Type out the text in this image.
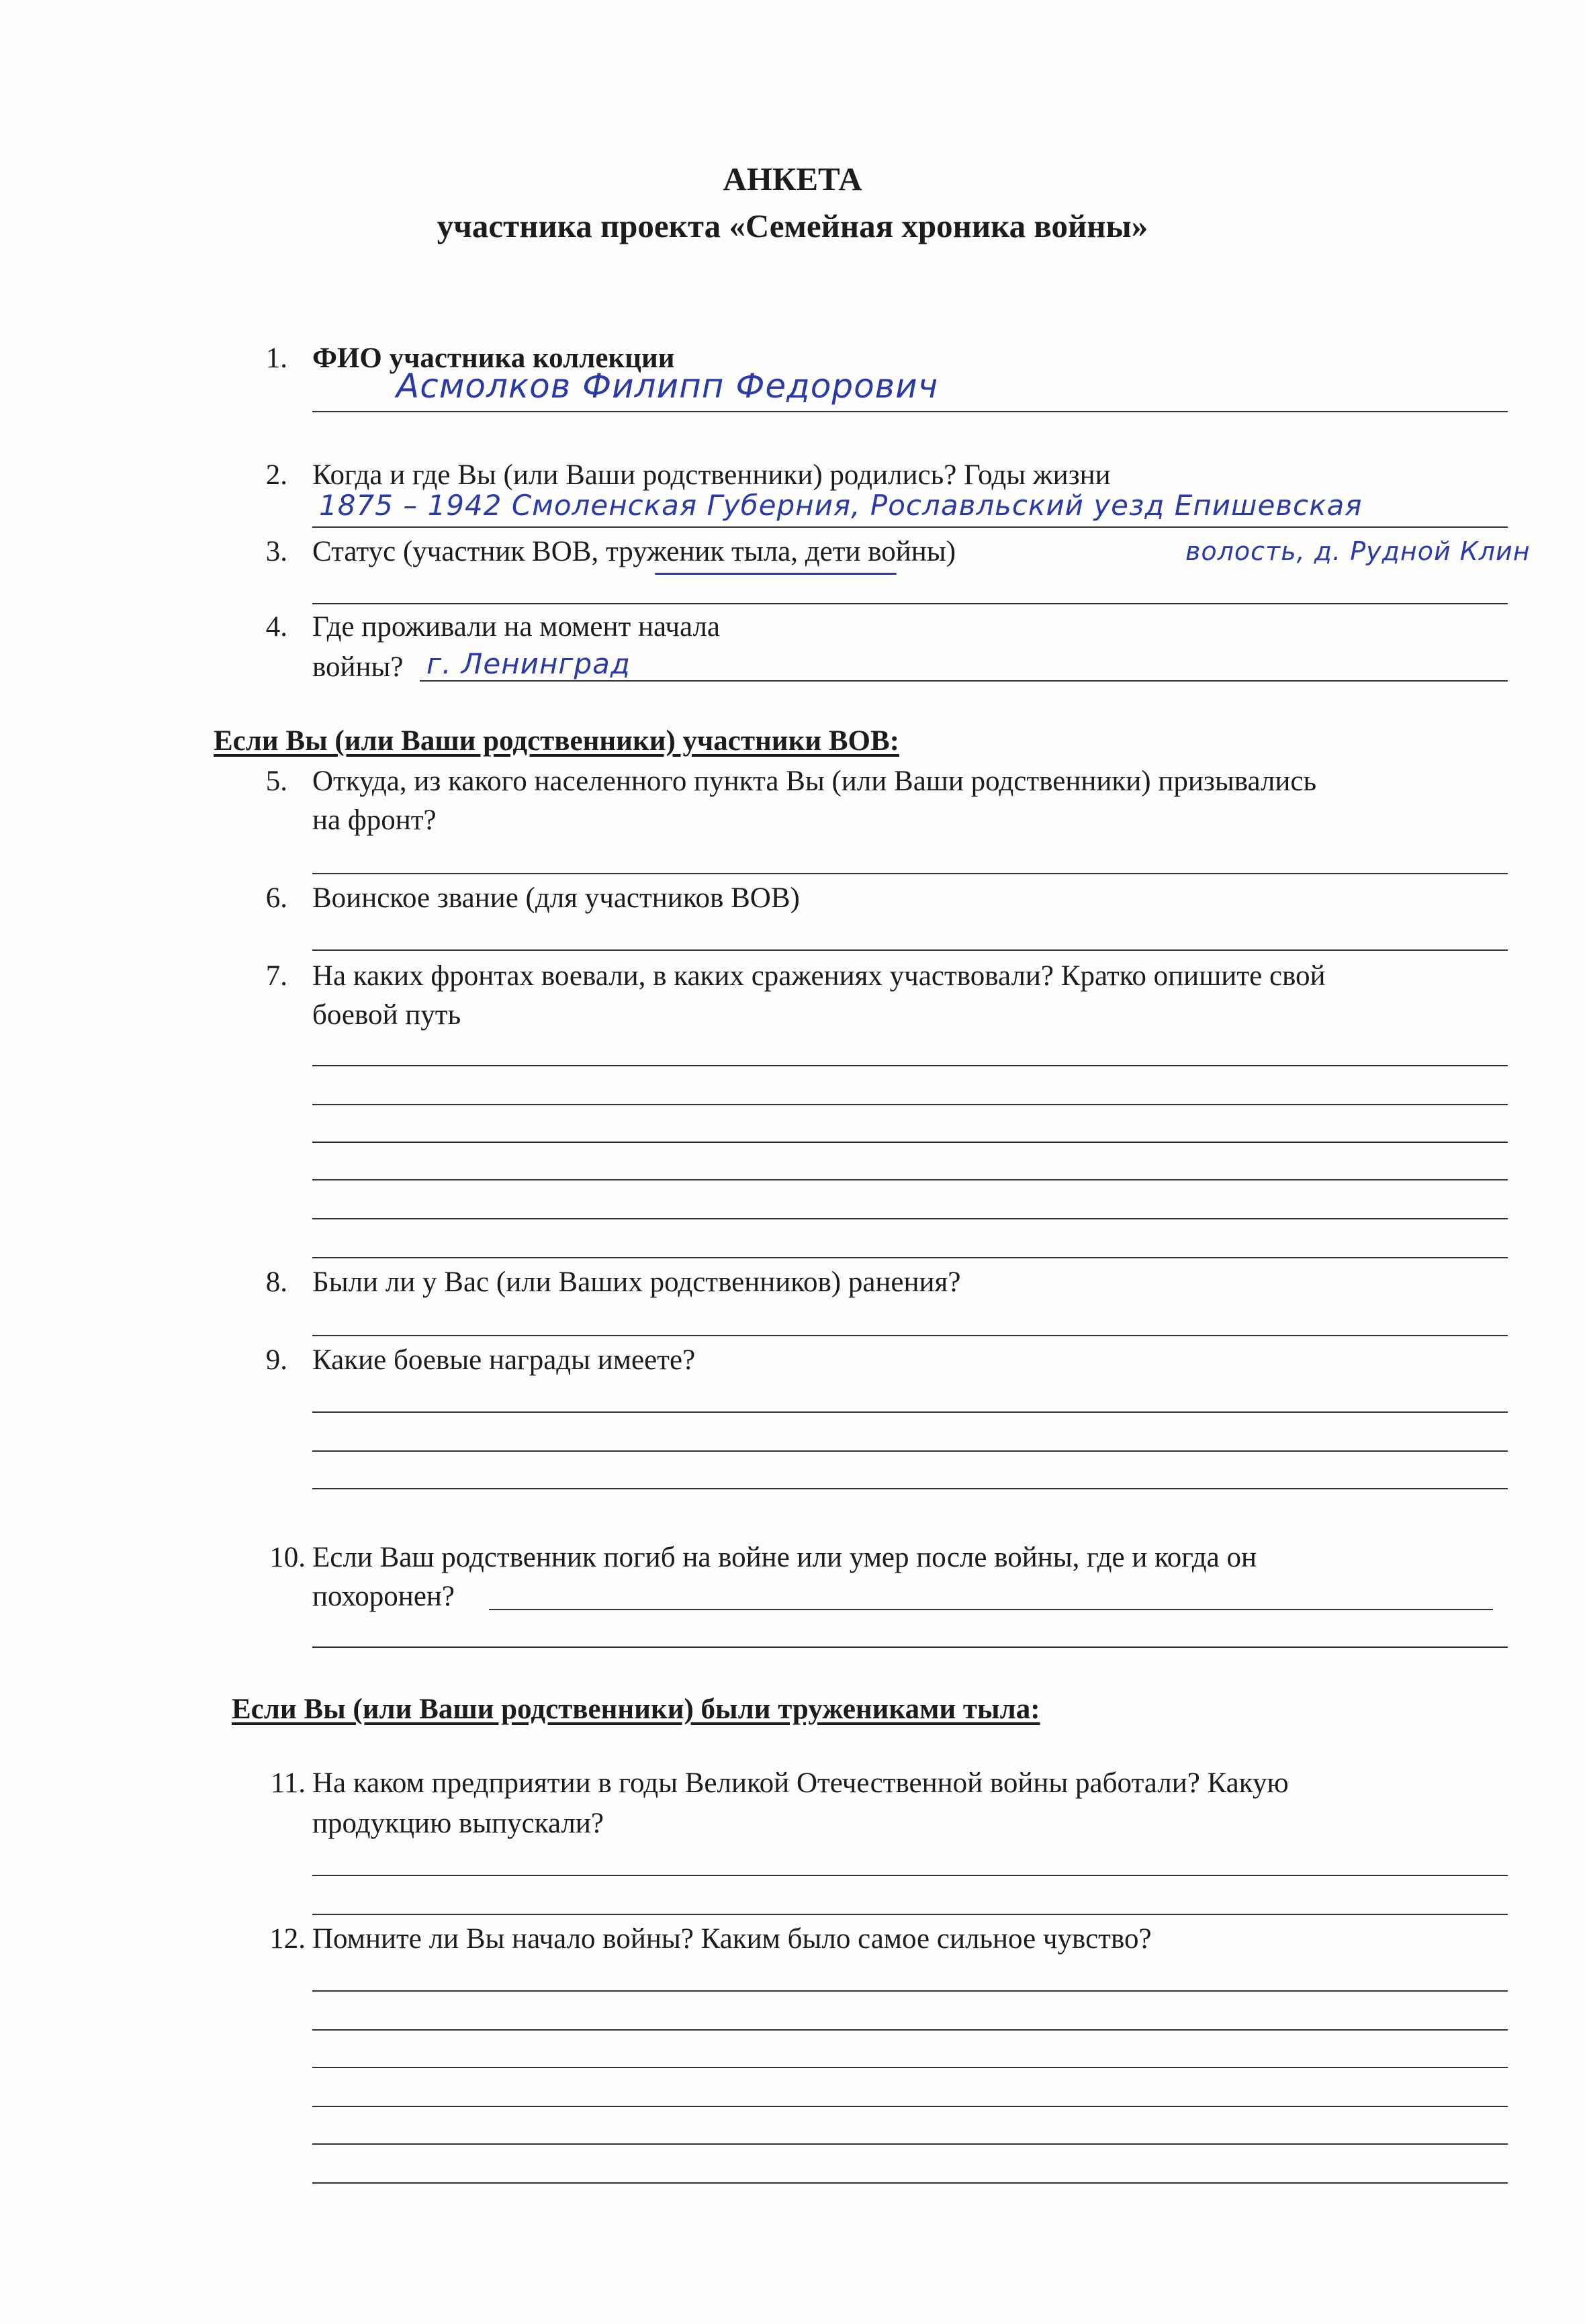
АНКЕТА
участника проекта «Семейная хроника войны»
1. ФИО участника коллекции
Асмолков Филипп Федорович
2. Когда и где Вы (или Ваши родственники) родились? Годы жизни
1875 – 1942 Смоленская Губерния, Рославльский уезд Епишевская
3. Статус (участник ВОВ, труженик тыла, дети войны)	волость, д. Рудной Клин
4. Где проживали на момент начала
войны? г. Ленинград
Если Вы (или Ваши родственники) участники ВОВ:
5. Откуда, из какого населенного пункта Вы (или Ваши родственники) призывались
на фронт?
6. Воинское звание (для участников ВОВ)
7. На каких фронтах воевали, в каких сражениях участвовали? Кратко опишите свой
боевой путь
8. Были ли у Вас (или Ваших родственников) ранения?
9. Какие боевые награды имеете?
10. Если Ваш родственник погиб на войне или умер после войны, где и когда он
похоронен?
Если Вы (или Ваши родственники) были тружениками тыла:
11. На каком предприятии в годы Великой Отечественной войны работали? Какую
продукцию выпускали?
12. Помните ли Вы начало войны? Каким было самое сильное чувство?
